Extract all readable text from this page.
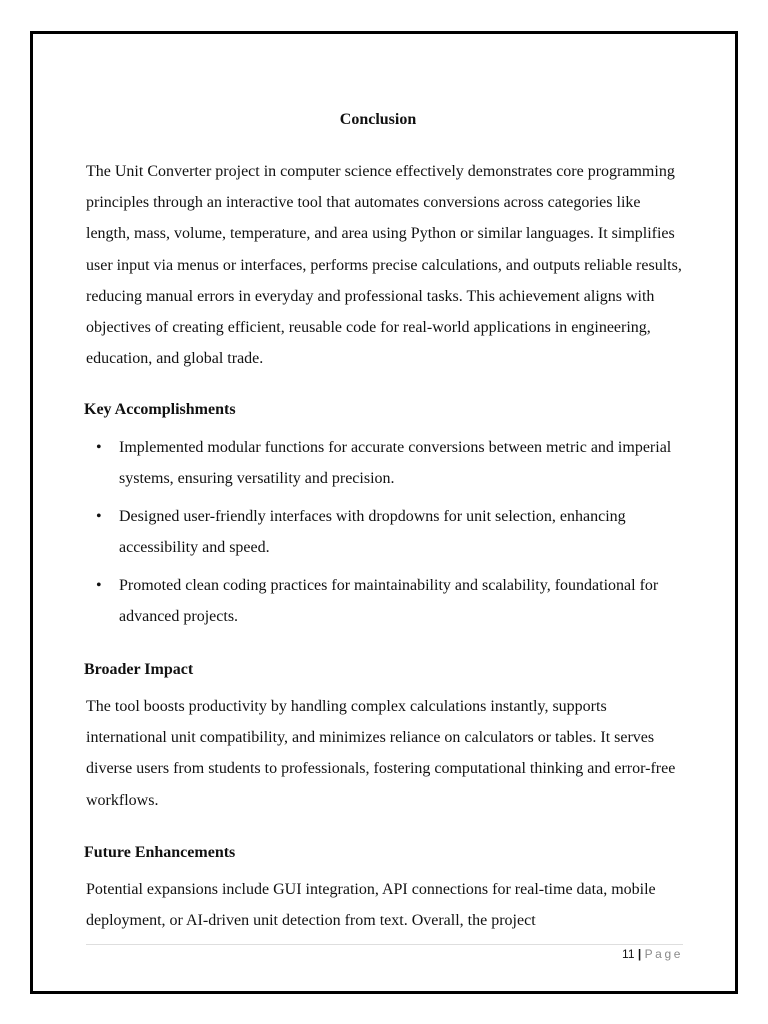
Conclusion

The Unit Converter project in computer science effectively demonstrates core programming principles through an interactive tool that automates conversions across categories like length, mass, volume, temperature, and area using Python or similar languages. It simplifies user input via menus or interfaces, performs precise calculations, and outputs reliable results, reducing manual errors in everyday and professional tasks. This achievement aligns with objectives of creating efficient, reusable code for real-world applications in engineering, education, and global trade.

Key Accomplishments
• Implemented modular functions for accurate conversions between metric and imperial systems, ensuring versatility and precision.
• Designed user-friendly interfaces with dropdowns for unit selection, enhancing accessibility and speed.
• Promoted clean coding practices for maintainability and scalability, foundational for advanced projects.
Broader Impact

The tool boosts productivity by handling complex calculations instantly, supports international unit compatibility, and minimizes reliance on calculators or tables. It serves diverse users from students to professionals, fostering computational thinking and error-free workflows.

Future Enhancements

Potential expansions include GUI integration, API connections for real-time data, mobile deployment, or AI-driven unit detection from text. Overall, the project

11 | Page
